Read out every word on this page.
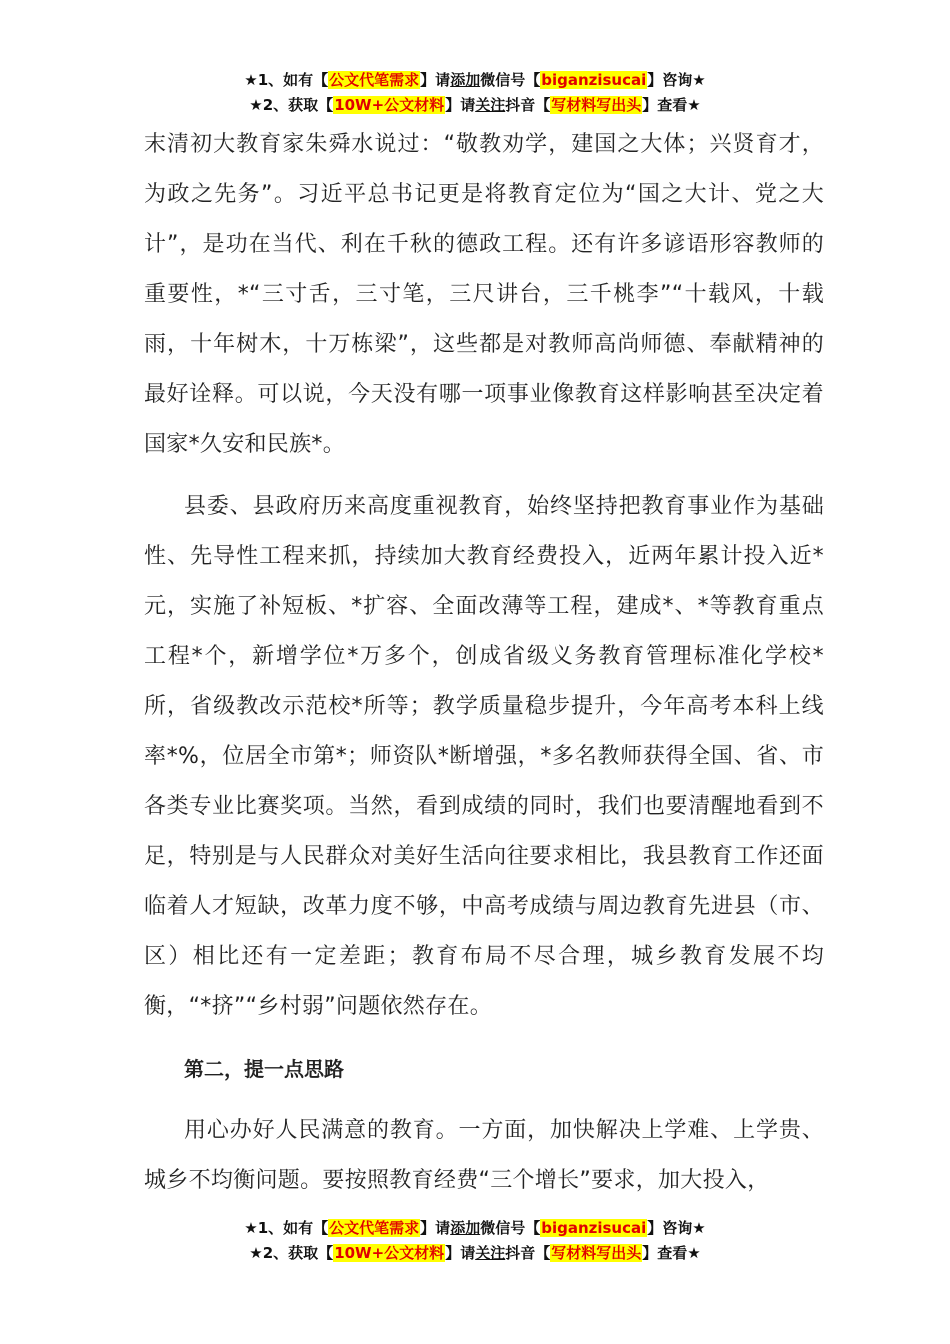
★1、如有【公文代笔需求】请添加微信号【biganzisucai】咨询★
★2、获取【10W+公文材料】请关注抖音【写材料写出头】查看★

末清初大教育家朱舜水说过：“敬教劝学，建国之大体；兴贤育才，为政之先务”。习近平总书记更是将教育定位为“国之大计、党之大计”，是功在当代、利在千秋的德政工程。还有许多谚语形容教师的重要性，*“三寸舌，三寸笔，三尺讲台，三千桃李”“十载风，十载雨，十年树木，十万栋梁”，这些都是对教师高尚师德、奉献精神的最好诠释。可以说，今天没有哪一项事业像教育这样影响甚至决定着国家*久安和民族*。

县委、县政府历来高度重视教育，始终坚持把教育事业作为基础性、先导性工程来抓，持续加大教育经费投入，近两年累计投入近*元，实施了补短板、*扩容、全面改薄等工程，建成*、*等教育重点工程*个，新增学位*万多个，创成省级义务教育管理标准化学校*所，省级教改示范校*所等；教学质量稳步提升，今年高考本科上线率*%，位居全市第*；师资队*断增强，*多名教师获得全国、省、市各类专业比赛奖项。当然，看到成绩的同时，我们也要清醒地看到不足，特别是与人民群众对美好生活向往要求相比，我县教育工作还面临着人才短缺，改革力度不够，中高考成绩与周边教育先进县（市、区）相比还有一定差距；教育布局不尽合理，城乡教育发展不均衡，“*挤”“乡村弱”问题依然存在。

第二，提一点思路

用心办好人民满意的教育。一方面，加快解决上学难、上学贵、城乡不均衡问题。要按照教育经费“三个增长”要求，加大投入，

★1、如有【公文代笔需求】请添加微信号【biganzisucai】咨询★
★2、获取【10W+公文材料】请关注抖音【写材料写出头】查看★
